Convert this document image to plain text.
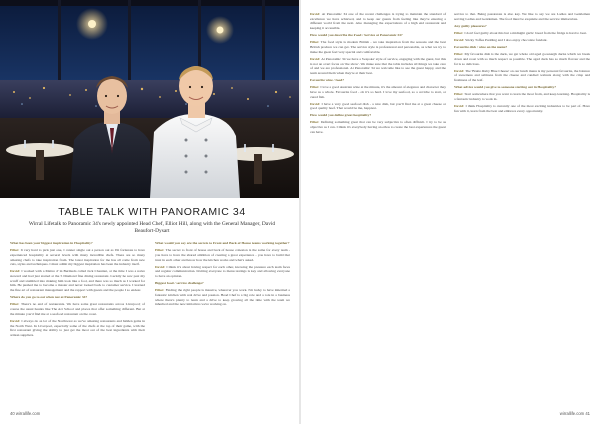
TABLE TALK WITH PANORAMIC 34
Wirral Lifetalk to Panoramic 34's newly appointed Head Chef, Elliot Hill, along with the General Manager, David Beaufort-Dysart

What has been your biggest inspiration in Hospitality?

Elliot: It very hard to pick just one, I cannot single out a person out as I'm fortunate to have experienced hospitality at several levels with many incredible chefs. There are so many amazing chefs to take inspiration from. The latest inspiration for me has all come from new cuts, styles and techniques. I must admit my biggest inspiration has been the industry itself.

David: I worked with a Maitre d' in Bermuda called Jack Chestnut, at the time I was a naive steward and had just started at the 5 Diamond fine dining restaurant. Luckily he saw past my scruff and stumbled into making him look like a fool, and there was so much as I worked for him. He pushed me to become a master and never looked back to customer service. I learned the fine art of restaurant management and the rapport with guests and the people I so endear.

Where do you go to eat when not at Panoramic 34?

Elliot: There's no end of restaurants. We have some great restaurants across Liverpool; of course the usual haunts like The Art School and places that offer something different. But at the minute you'd find me at a seafood restaurant on the coast.

David: I always do as lot of the Northwest as we've amazing restaurants and hidden gems in the North West. In Liverpool, especially some of the chefs at the top of their game, with the first restaurant giving the ability to just get the most out of the best ingredients with their artisan suppliers.

What would you say are the secrets to Front and Back of House teams working together?

Elliot: The secret to front of house and back of house cohesion is the same for every team - you have to have the shared ambition of creating a great experience - you have to build that trust in each other and know how the kitchen works and what's asked.

David: I think it's about having respect for each other, knowing the pressure each team faces and regular communication. Inviting everyone to menu tastings is key and allowing everyone to have an opinion.

Biggest food / service challenge?

Elliot: Finding the right people is massive, wherever you work. I'm lucky to have inherited a fantastic kitchen with real drive and passion. Head Chef is a big role and a role in a business where there's plenty to learn and a drive to keep growing all the time with the team we inherited and the new initiatives we're working on.

David: At Panoramic 34 one of the recent challenges is trying to maintain the standard of excellence we have achieved, and to keep our guests from feeling like they're entering a different world from the next. Also managing the expectations of a high end restaurant and keeping it accessible.

How would you describe the Food / Service at Panoramic 34?

Elliot: The food style is modern British - we take inspiration from the seasons and the best British produce we can get. The service style is professional and personable, as what we try to make the guest feel very special and comfortable.

David: At Panoramic 34 we have a 'bespoke' style of service, engaging with the guest, but this is not an overt focus on 'the show'. We make sure that the table includes all things we take care of and we are professional. At Panoramic 34 we welcome like to see the guest happy, and the team around them when they're at their best.

Favourite wine / food?

Elliot: I love a good Austrian wine at the minute, it's the amount of elegance and character they have as a whole. Favourite food - oh it's so hard. I love my seafood, so a ceviche to start, or cured fish.

David: I have a very good seafood dish - a nice dish, but you'll find me at a great cheese or good quality beef. That would be me, happiest.

How would you define great hospitality?

Elliot: Defining something great that can be very subjective is often difficult. I try to be as objective as I can. I think it's everybody having an ethos to create the best experiences the guest can have.

service to that. Being passionate is also key. We like to say we are Ladies and Gentlemen serving Ladies and Gentlemen. The food must be exquisite and the service immaculate.

Any guilty pleasures?

Elliot: I don't feel guilty about this but a midnight garlic bread from the fridge is hard to beat.

David: Sticky Toffee Pudding and I also enjoy chocolate fondant.

Favourite dish / wine on the menu?

Elliot: My favourite dish is the duck, we get whole old aged goosnargh ducks which we break down and roast with so much respect as possible. The aged duck has so much flavour and the fat is so delicious.

David: The 'Brutto Ruby Blue Cheese' on our lunch menu is my personal favourite, the balance of sweetness and saltiness from the cheese and candied walnuts along with the crisp and freshness of the leaf.

What advice would you give to someone starting out in Hospitality?

Elliot: Start somewhere that you want to learn the most from, and keep learning. Hospitality is a fantastic industry to work in.

David: I think Hospitality is currently one of the most exciting industries to be part of. Have fun with it, learn from the best and embrace every opportunity.

40 wirrallife.com	wirrallife.com 41
